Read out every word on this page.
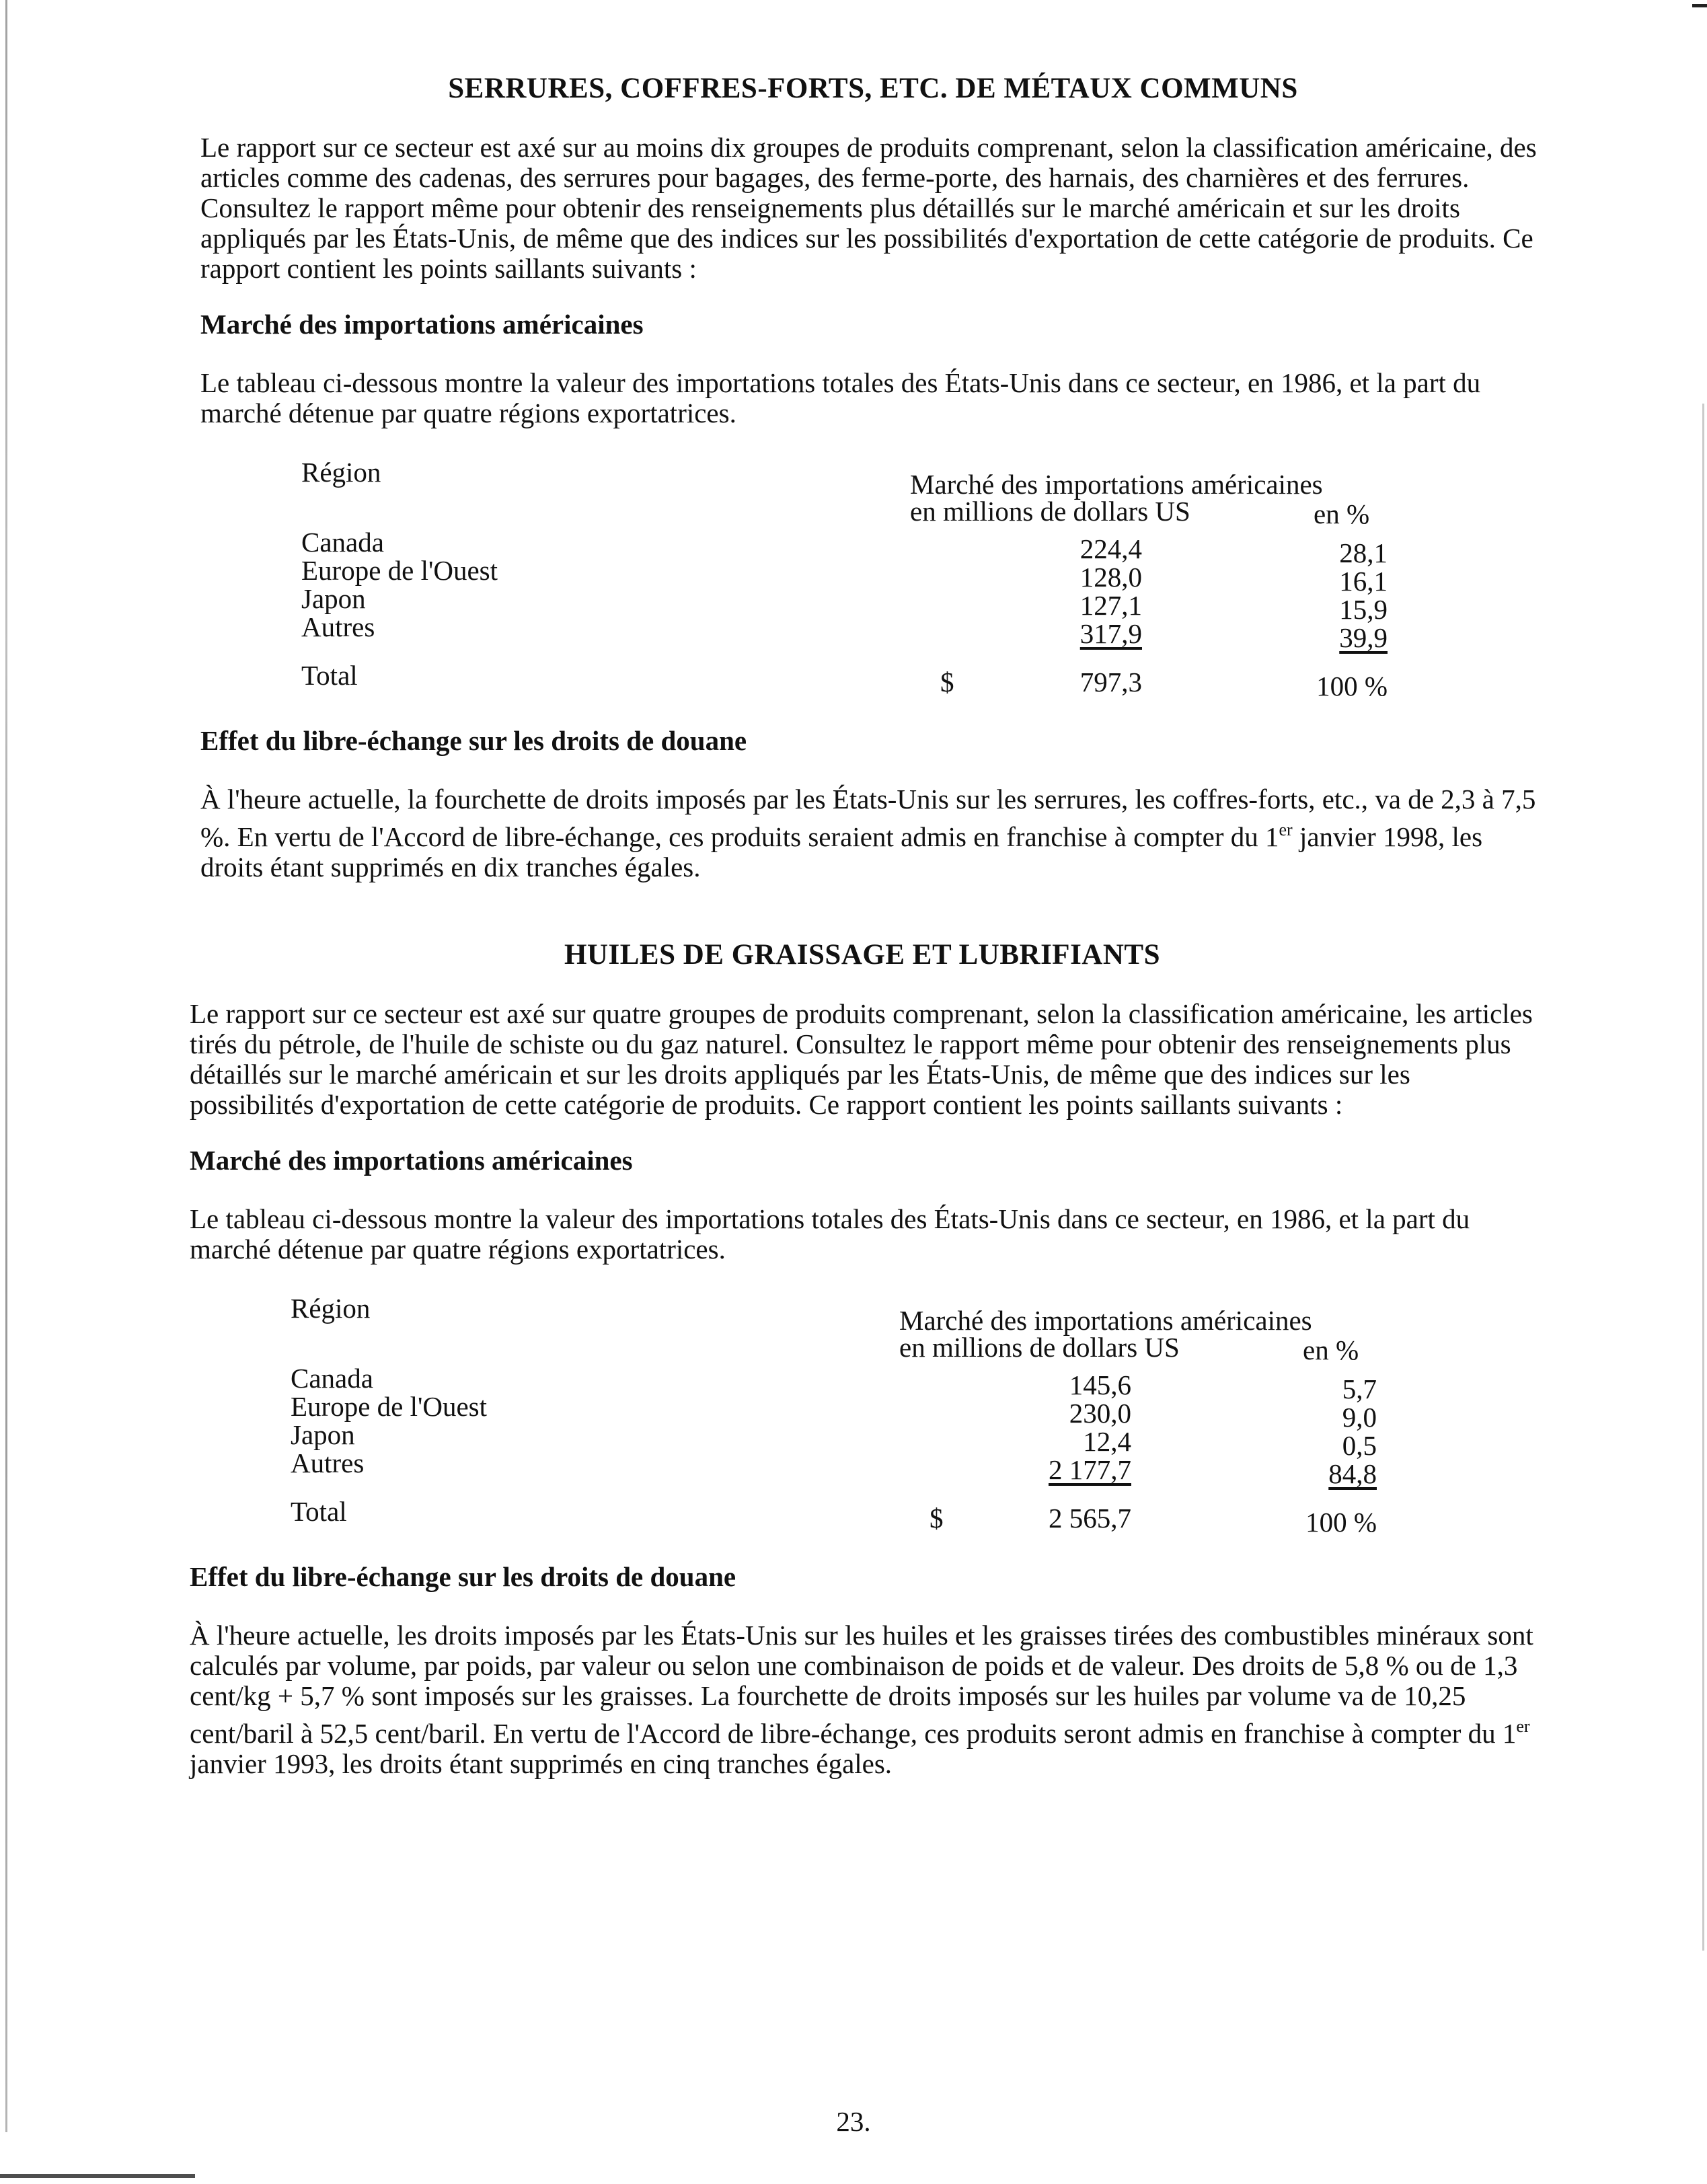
SERRURES, COFFRES-FORTS, ETC. DE MÉTAUX COMMUNS

Le rapport sur ce secteur est axé sur au moins dix groupes de produits comprenant, selon la classification américaine, des articles comme des cadenas, des serrures pour bagages, des ferme-porte, des harnais, des charnières et des ferrures. Consultez le rapport même pour obtenir des renseignements plus détaillés sur le marché américain et sur les droits appliqués par les États-Unis, de même que des indices sur les possibilités d'exportation de cette catégorie de produits. Ce rapport contient les points saillants suivants :

Marché des importations américaines

Le tableau ci-dessous montre la valeur des importations totales des États-Unis dans ce secteur, en 1986, et la part du marché détenue par quatre régions exportatrices.

Région	Marché des importations américaines
en millions de dollars US	en %
Canada	224,4	28,1
Europe de l'Ouest	128,0	16,1
Japon	127,1	15,9
Autres	317,9	39,9
Total	$	797,3	100 %
Effet du libre-échange sur les droits de douane

À l'heure actuelle, la fourchette de droits imposés par les États-Unis sur les serrures, les coffres-forts, etc., va de 2,3 à 7,5 %. En vertu de l'Accord de libre-échange, ces produits seraient admis en franchise à compter du 1er janvier 1998, les droits étant supprimés en dix tranches égales.

HUILES DE GRAISSAGE ET LUBRIFIANTS

Le rapport sur ce secteur est axé sur quatre groupes de produits comprenant, selon la classification américaine, les articles tirés du pétrole, de l'huile de schiste ou du gaz naturel. Consultez le rapport même pour obtenir des renseignements plus détaillés sur le marché américain et sur les droits appliqués par les États-Unis, de même que des indices sur les possibilités d'exportation de cette catégorie de produits. Ce rapport contient les points saillants suivants :

Marché des importations américaines

Le tableau ci-dessous montre la valeur des importations totales des États-Unis dans ce secteur, en 1986, et la part du marché détenue par quatre régions exportatrices.

Région	Marché des importations américaines
en millions de dollars US	en %
Canada	145,6	5,7
Europe de l'Ouest	230,0	9,0
Japon	12,4	0,5
Autres	2 177,7	84,8
Total	$	2 565,7	100 %
Effet du libre-échange sur les droits de douane

À l'heure actuelle, les droits imposés par les États-Unis sur les huiles et les graisses tirées des combustibles minéraux sont calculés par volume, par poids, par valeur ou selon une combinaison de poids et de valeur. Des droits de 5,8 % ou de 1,3 cent/kg + 5,7 % sont imposés sur les graisses. La fourchette de droits imposés sur les huiles par volume va de 10,25 cent/baril à 52,5 cent/baril. En vertu de l'Accord de libre-échange, ces produits seront admis en franchise à compter du 1er janvier 1993, les droits étant supprimés en cinq tranches égales.

23.
